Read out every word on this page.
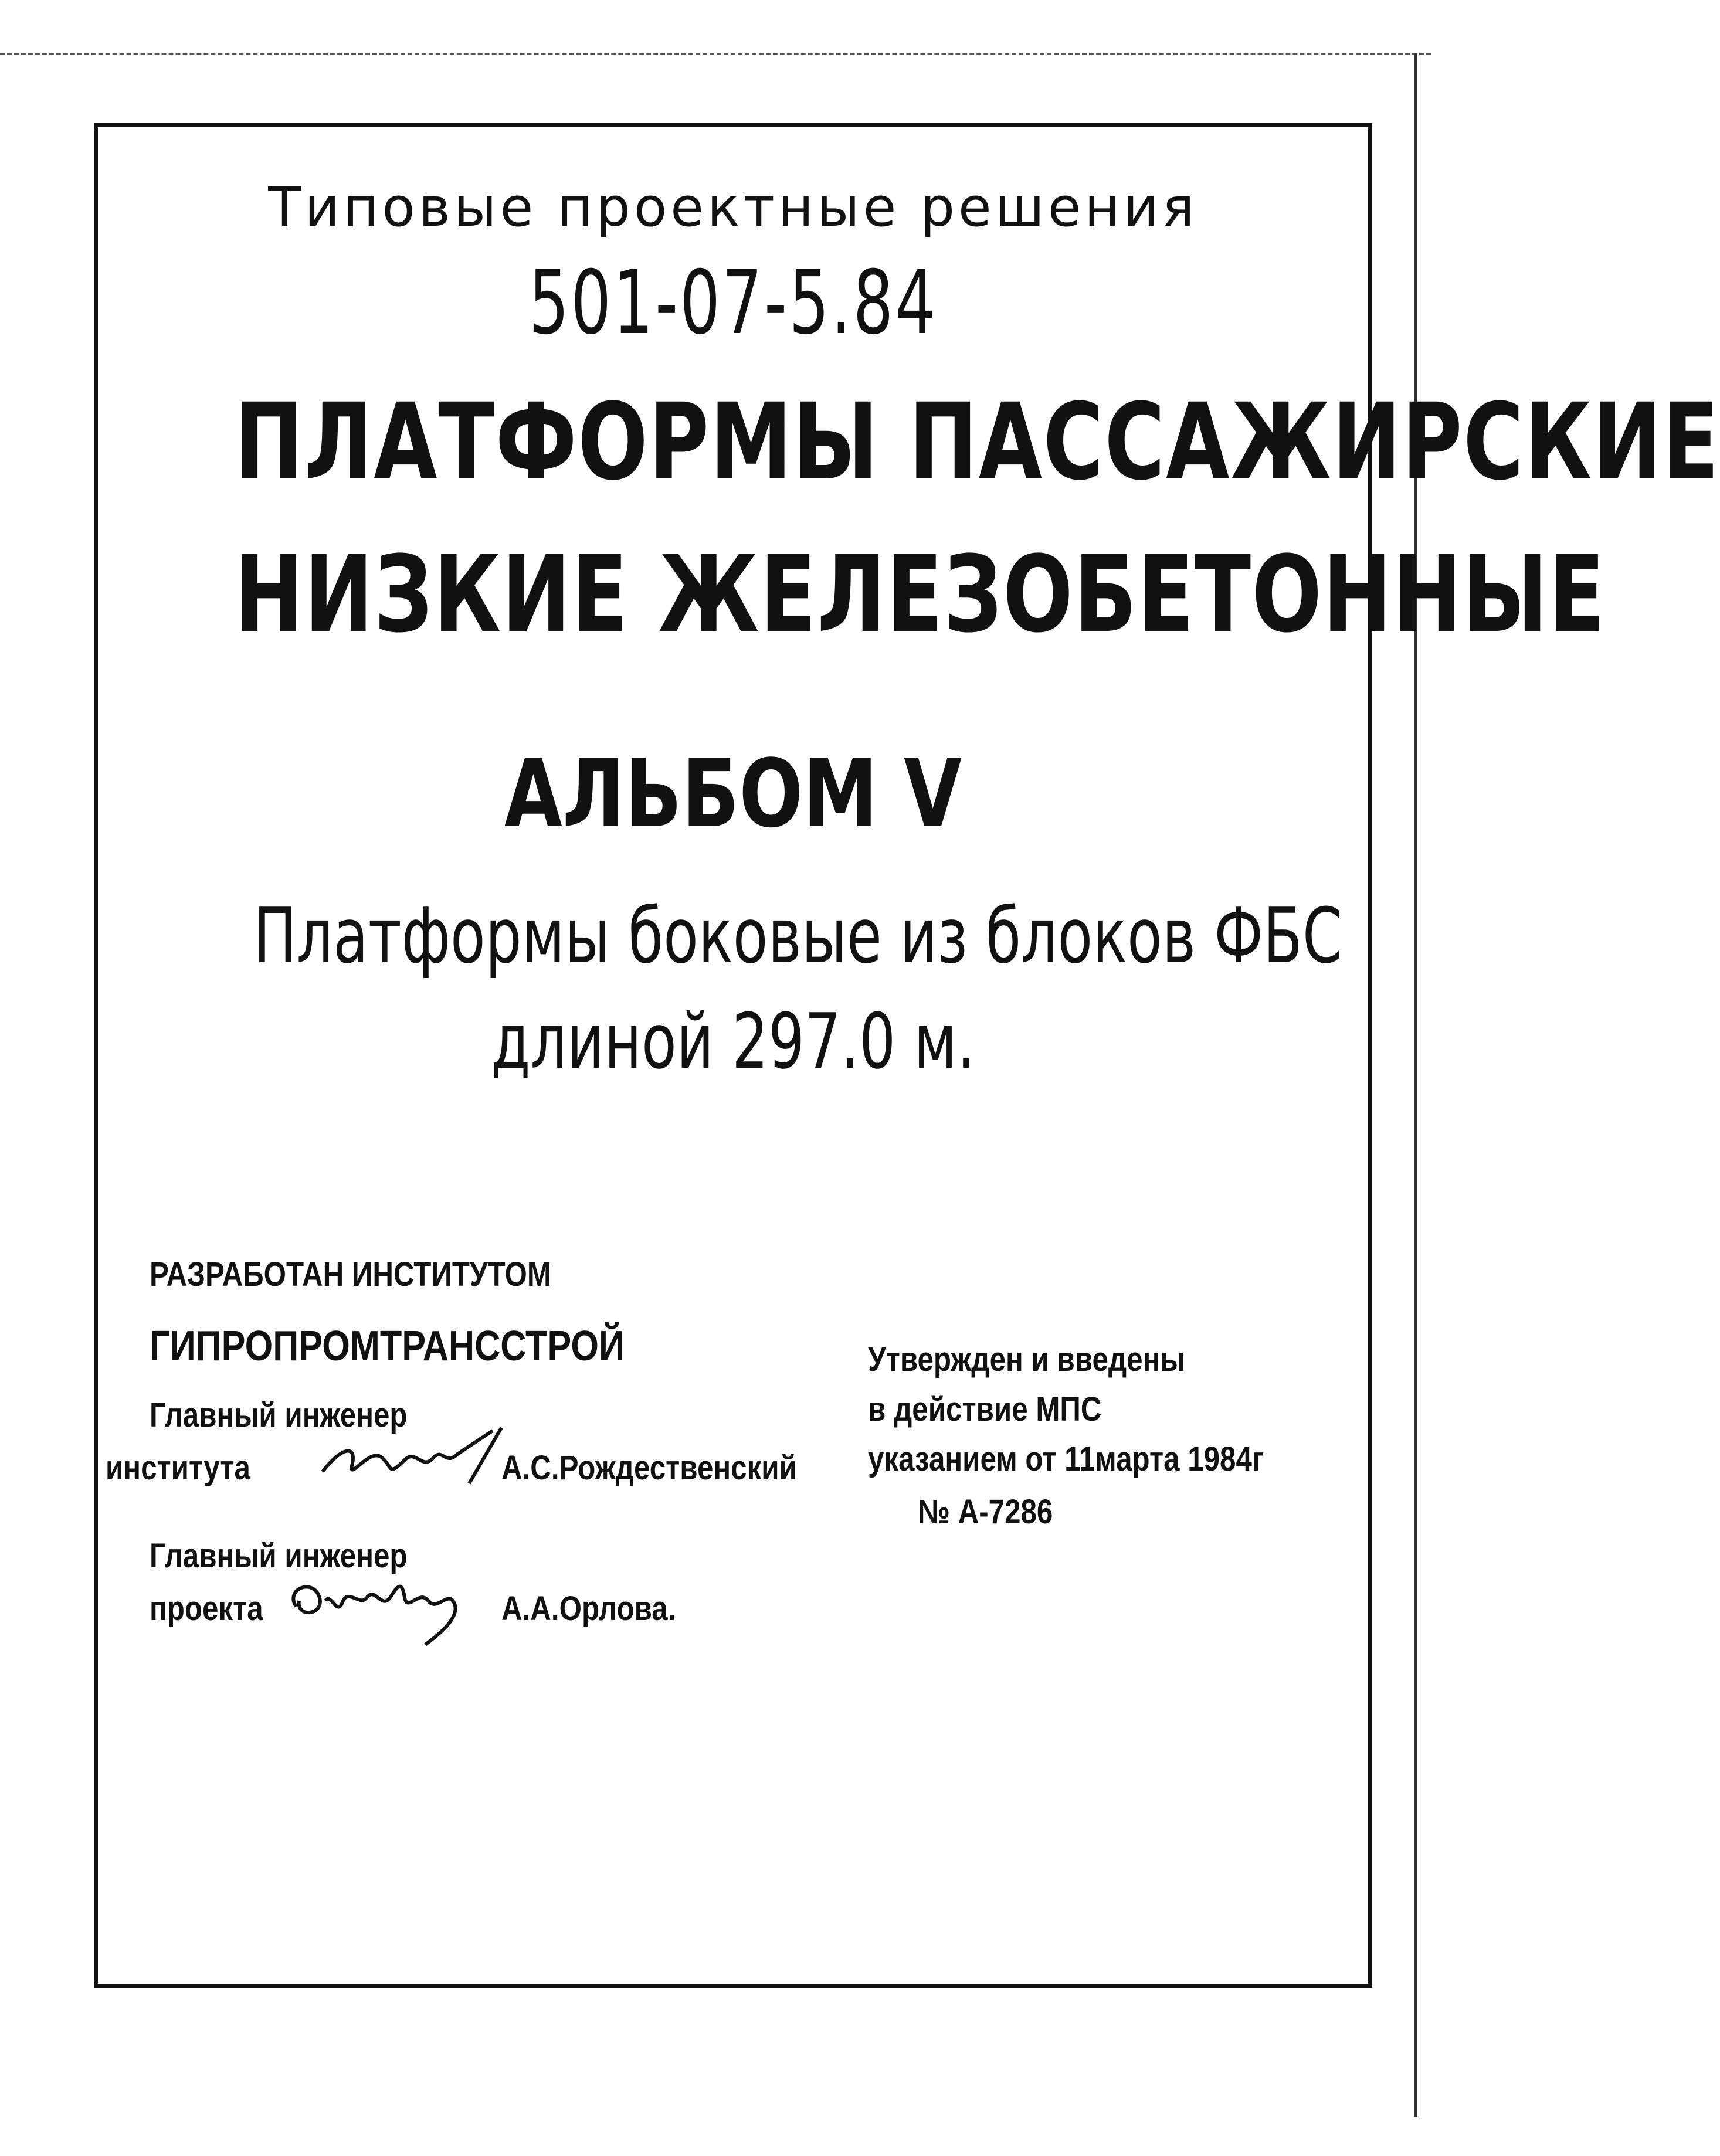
Типовые проектные решения
501-07-5.84
ПЛАТФОРМЫ ПАССАЖИРСКИЕ
НИЗКИЕ ЖЕЛЕЗОБЕТОННЫЕ
АЛЬБОМ V
Платформы боковые из блоков ФБС
длиной 297.0 м.
РАЗРАБОТАН ИНСТИТУТОМ
ГИПРОПРОМТРАНССТРОЙ
Главный инженер
института	А.С.Рождественский
Главный инженер
проекта	А.А.Орлова.
Утвержден и введены
в действие МПС
указанием от 11марта 1984г
№ А-7286
